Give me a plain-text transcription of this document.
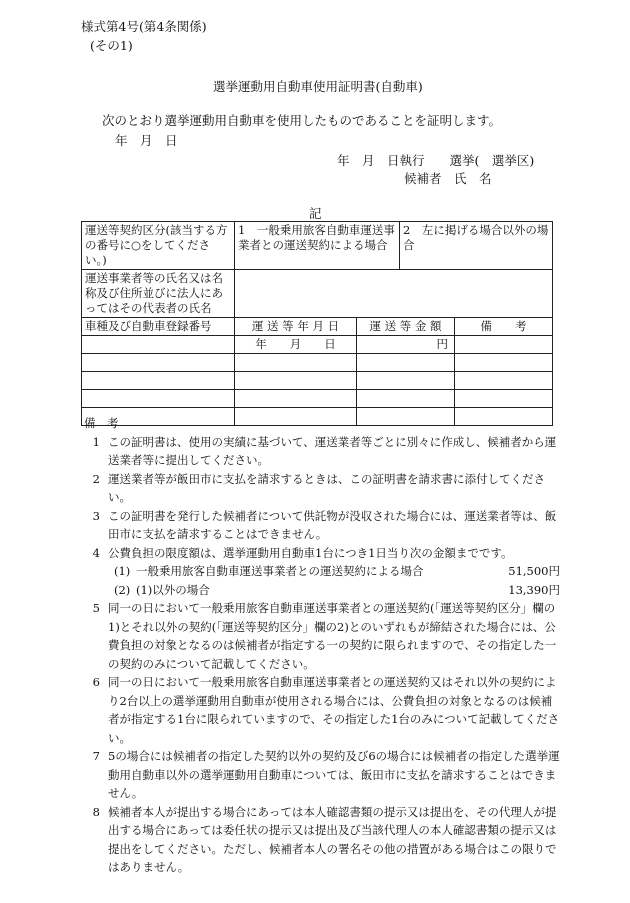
様式第4号(第4条関係)
(その1)
選挙運動用自動車使用証明書(自動車)
次のとおり選挙運動用自動車を使用したものであることを証明します。
年　月　日
年　月　日執行　　選挙(　選挙区)
候補者　氏　名
記
運送等契約区分(該当する方の番号に○をしてください。)	1　一般乗用旅客自動車運送事業者との運送契約による場合		2　左に掲げる場合以外の場合	
運送事業者等の氏名又は名称及び住所並びに法人にあってはその代表者の氏名				
車種及び自動車登録番号	運 送 等 年 月 日	運 送 等 金 額		備　　考
	年　　月　　日	円		

備　考
1 この証明書は、使用の実績に基づいて、運送業者等ごとに別々に作成し、候補者から運送業者等に提出してください。
2 運送業者等が飯田市に支払を請求するときは、この証明書を請求書に添付してください。
3 この証明書を発行した候補者について供託物が没収された場合には、運送業者等は、飯田市に支払を請求することはできません。
4 公費負担の限度額は、選挙運動用自動車1台につき1日当り次の金額までです。
(1) 一般乗用旅客自動車運送事業者との運送契約による場合	51,500円
(2) (1)以外の場合	13,390円
5 同一の日において一般乗用旅客自動車運送事業者との運送契約(「運送等契約区分」欄の1)とそれ以外の契約(「運送等契約区分」欄の2)とのいずれもが締結された場合には、公費負担の対象となるのは候補者が指定する一の契約に限られますので、その指定した一の契約のみについて記載してください。
6 同一の日において一般乗用旅客自動車運送事業者との運送契約又はそれ以外の契約により2台以上の選挙運動用自動車が使用される場合には、公費負担の対象となるのは候補者が指定する1台に限られていますので、その指定した1台のみについて記載してください。
7 5の場合には候補者の指定した契約以外の契約及び6の場合には候補者の指定した選挙運動用自動車以外の選挙運動用自動車については、飯田市に支払を請求することはできません。
8 候補者本人が提出する場合にあっては本人確認書類の提示又は提出を、その代理人が提出する場合にあっては委任状の提示又は提出及び当該代理人の本人確認書類の提示又は提出をしてください。ただし、候補者本人の署名その他の措置がある場合はこの限りではありません。
